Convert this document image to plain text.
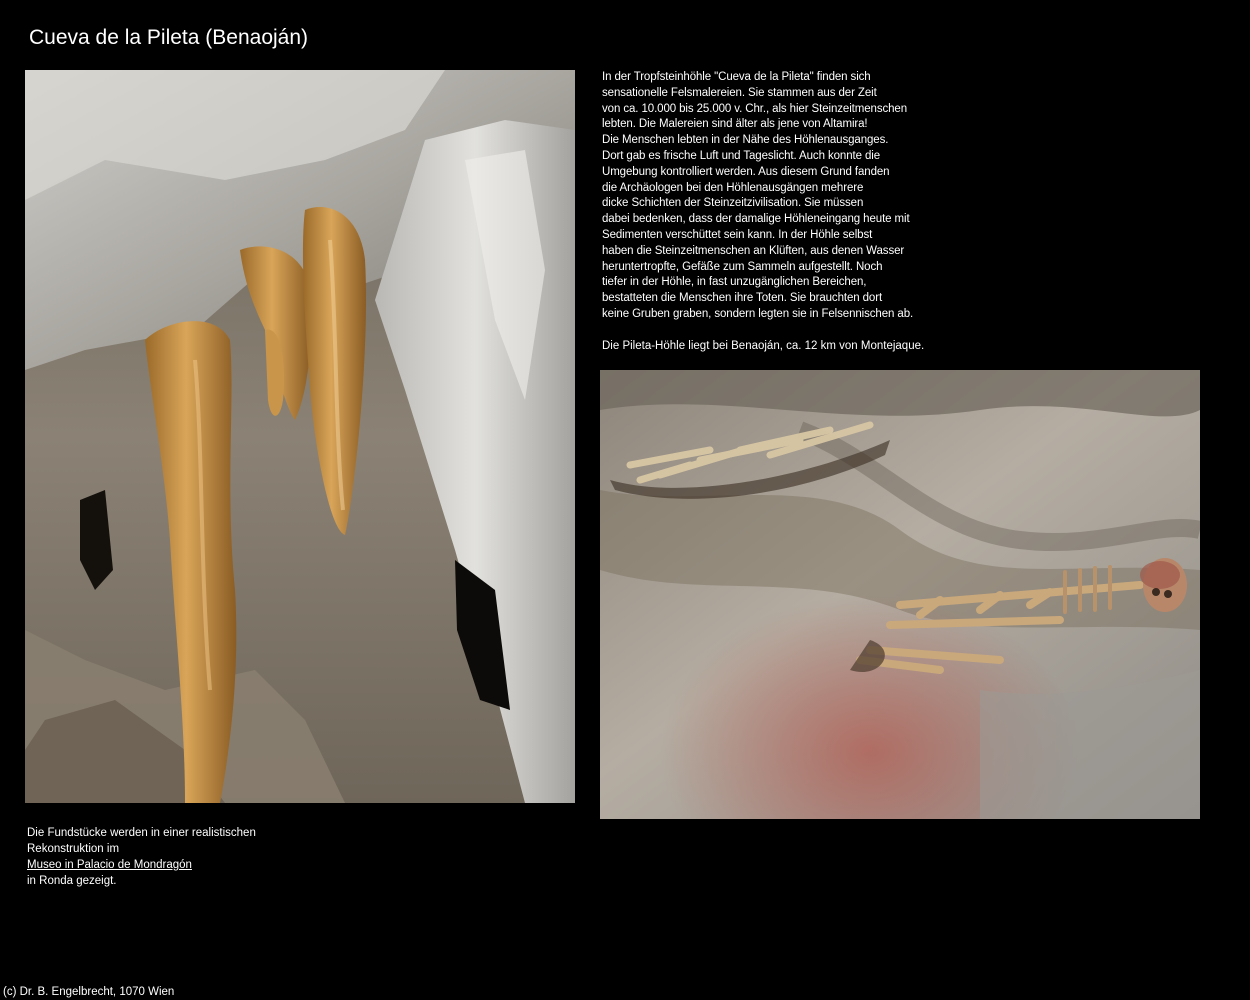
Cueva de la Pileta (Benaoján)

In der Tropfsteinhöhle "Cueva de la Pileta" finden sich
sensationelle Felsmalereien. Sie stammen aus der Zeit
von ca. 10.000 bis 25.000 v. Chr., als hier Steinzeitmenschen
lebten. Die Malereien sind älter als jene von Altamira!
Die Menschen lebten in der Nähe des Höhlenausganges.
Dort gab es frische Luft und Tageslicht. Auch konnte die
Umgebung kontrolliert werden. Aus diesem Grund fanden
die Archäologen bei den Höhlenausgängen mehrere
dicke Schichten der Steinzeitzivilisation. Sie müssen
dabei bedenken, dass der damalige Höhleneingang heute mit
Sedimenten verschüttet sein kann. In der Höhle selbst
haben die Steinzeitmenschen an Klüften, aus denen Wasser
heruntertropfte, Gefäße zum Sammeln aufgestellt. Noch
tiefer in der Höhle, in fast unzugänglichen Bereichen,
bestatteten die Menschen ihre Toten. Sie brauchten dort
keine Gruben graben, sondern legten sie in Felsennischen ab.

Die Pileta-Höhle liegt bei Benaoján, ca. 12 km von Montejaque.
Die Fundstücke werden in einer realistischen
Rekonstruktion im
Museo in Palacio de Mondragón
in Ronda gezeigt.
(c) Dr. B. Engelbrecht, 1070 Wien
